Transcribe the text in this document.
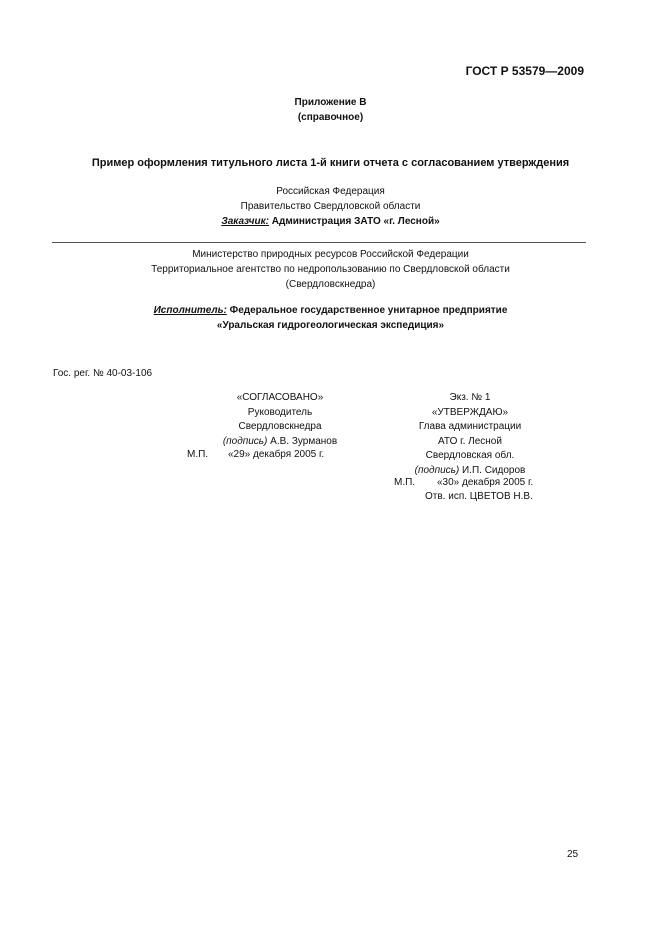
ГОСТ Р 53579—2009
Приложение В
(справочное)
Пример оформления титульного листа 1-й книги отчета с согласованием утверждения
Российская Федерация
Правительство Свердловской области
Заказчик: Администрация ЗАТО «г. Лесной»
Министерство природных ресурсов Российской Федерации
Территориальное агентство по недропользованию по Свердловской области
(Свердловскнедра)
Исполнитель: Федеральное государственное унитарное предприятие
«Уральская гидрогеологическая экспедиция»
Гос. рег. № 40-03-106
«СОГЛАСОВАНО»
Руководитель
Свердловскнедра
(подпись) А.В. Зурманов
М.П. «29» декабря 2005 г.
Экз. № 1
«УТВЕРЖДАЮ»
Глава администрации
АТО г. Лесной
Свердловская обл.
(подпись) И.П. Сидоров
М.П. «30» декабря 2005 г.
Отв. исп. ЦВЕТОВ Н.В.
25
